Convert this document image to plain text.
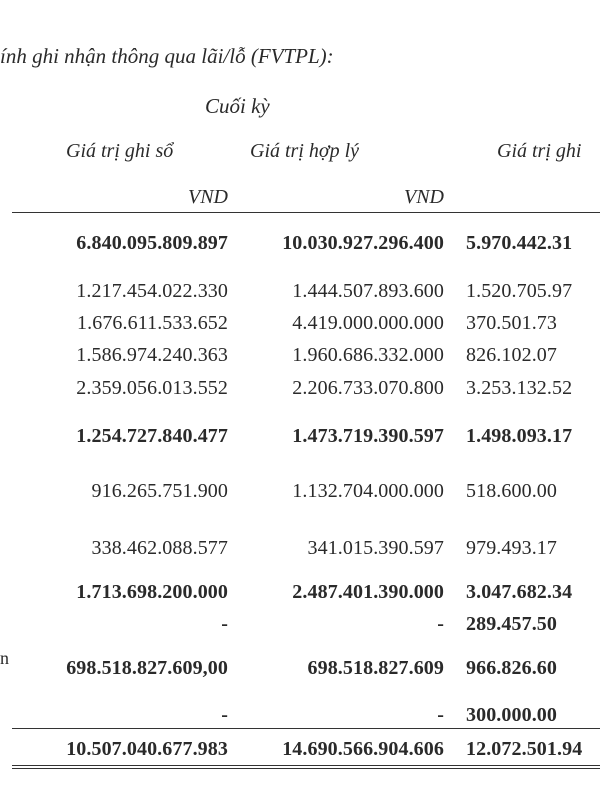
ính ghi nhận thông qua lãi/lỗ (FVTPL):
Cuối kỳ
Giá trị ghi sổ	Giá trị hợp lý	Giá trị ghi
VND	VND
n
6.840.095.809.897	10.030.927.296.400 5.970.442.31
1.217.454.022.330	1.444.507.893.600 1.520.705.97
1.676.611.533.652	4.419.000.000.000 370.501.73
1.586.974.240.363	1.960.686.332.000 826.102.07
2.359.056.013.552	2.206.733.070.800 3.253.132.52
1.254.727.840.477	1.473.719.390.597 1.498.093.17
916.265.751.900	1.132.704.000.000 518.600.00
338.462.088.577	341.015.390.597 979.493.17
1.713.698.200.000	2.487.401.390.000 3.047.682.34
-	- 289.457.50
698.518.827.609,00	698.518.827.609 966.826.60
-	- 300.000.00
10.507.040.677.983	14.690.566.904.606 12.072.501.94
